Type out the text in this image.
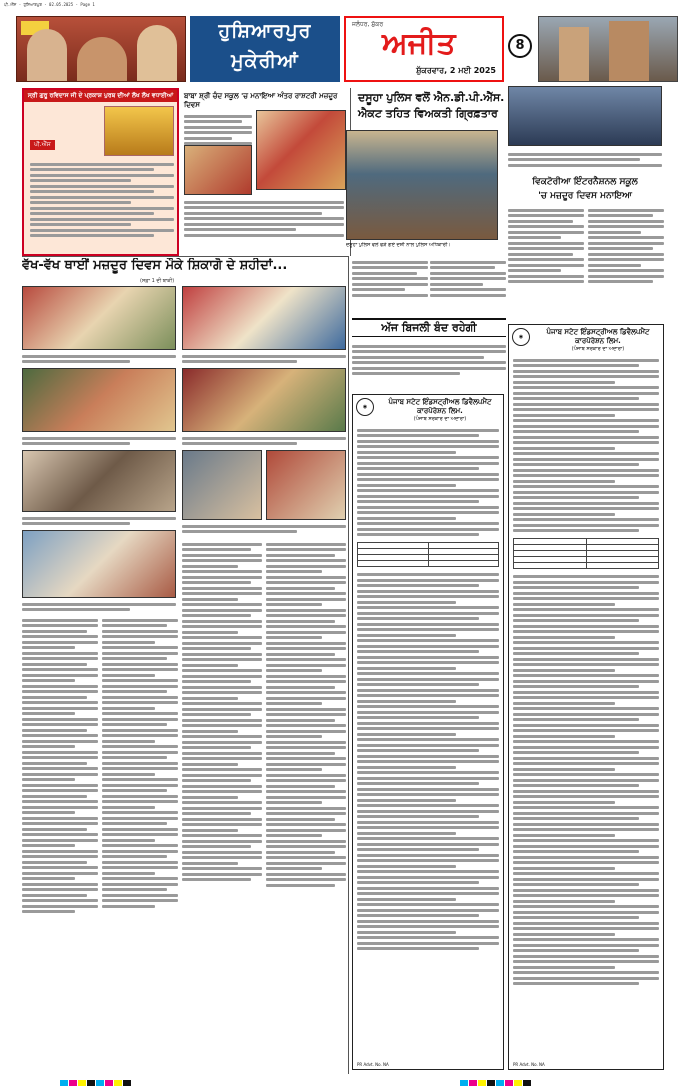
ਪੀ.ਐੱਸ - ਹੁਸ਼ਿਆਰਪੁਰ - 02.05.2025 - Page 1
ਹੁਸ਼ਿਆਰਪੁਰ
ਮੁਕੇਰੀਆਂ
ਜਲੰਧਰ, ਸ਼ੁੱਕਰ
ਅਜੀਤ
ਸ਼ੁੱਕਰਵਾਰ, 2 ਮਈ 2025
8
ਸ੍ਰੀ ਗੁਰੂ ਰਵਿਦਾਸ ਜੀ ਦੇ ਪ੍ਰਕਾਸ਼ ਪੁਰਬ ਦੀਆਂ ਲੱਖ ਲੱਖ ਵਧਾਈਆਂ
ਪੀ.ਐੱਸ
ਬਾਬਾ ਸ਼੍ਰੀ ਚੰਦ ਸਕੂਲ 'ਚ ਮਨਾਇਆ ਅੰਤਰ ਰਾਸ਼ਟਰੀ ਮਜ਼ਦੂਰ ਦਿਵਸ
ਦਸੂਹਾ ਪੁਲਿਸ ਵਲੋਂ ਐਨ.ਡੀ.ਪੀ.ਐੱਸ.
ਐਕਟ ਤਹਿਤ ਵਿਅਕਤੀ ਗ੍ਰਿਫ਼ਤਾਰ
ਦਸੂਹਾ ਪੁਲਿਸ ਵਲੋਂ ਫੜੇ ਗਏ ਦੋਸ਼ੀ ਨਾਲ ਪੁਲਿਸ ਅਧਿਕਾਰੀ।
ਵਿਕਟੋਰੀਆ ਇੰਟਰਨੈਸ਼ਨਲ ਸਕੂਲ
'ਚ ਮਜ਼ਦੂਰ ਦਿਵਸ ਮਨਾਇਆ
ਅੱਜ ਬਿਜਲੀ ਬੰਦ ਰਹੇਗੀ
ਵੱਖ-ਵੱਖ ਥਾਈਂ ਮਜ਼ਦੂਰ ਦਿਵਸ ਮੌਕੇ ਸ਼ਿਕਾਗੋ ਦੇ ਸ਼ਹੀਦਾਂ...
(ਸਫ਼ਾ 1 ਦੀ ਬਾਕੀ)
◉
ਪੰਜਾਬ ਸਟੇਟ ਇੰਡਸਟ੍ਰੀਅਲ ਡਿਵੈਲਪਮੈਂਟ ਕਾਰਪੋਰੇਸ਼ਨ ਲਿਮ.
(ਪੰਜਾਬ ਸਰਕਾਰ ਦਾ ਅਦਾਰਾ)

PR Advt. No. NA
◉
ਪੰਜਾਬ ਸਟੇਟ ਇੰਡਸਟ੍ਰੀਅਲ ਡਿਵੈਲਪਮੈਂਟ ਕਾਰਪੋਰੇਸ਼ਨ ਲਿਮ.
(ਪੰਜਾਬ ਸਰਕਾਰ ਦਾ ਅਦਾਰਾ)

PR Advt. No. NA
